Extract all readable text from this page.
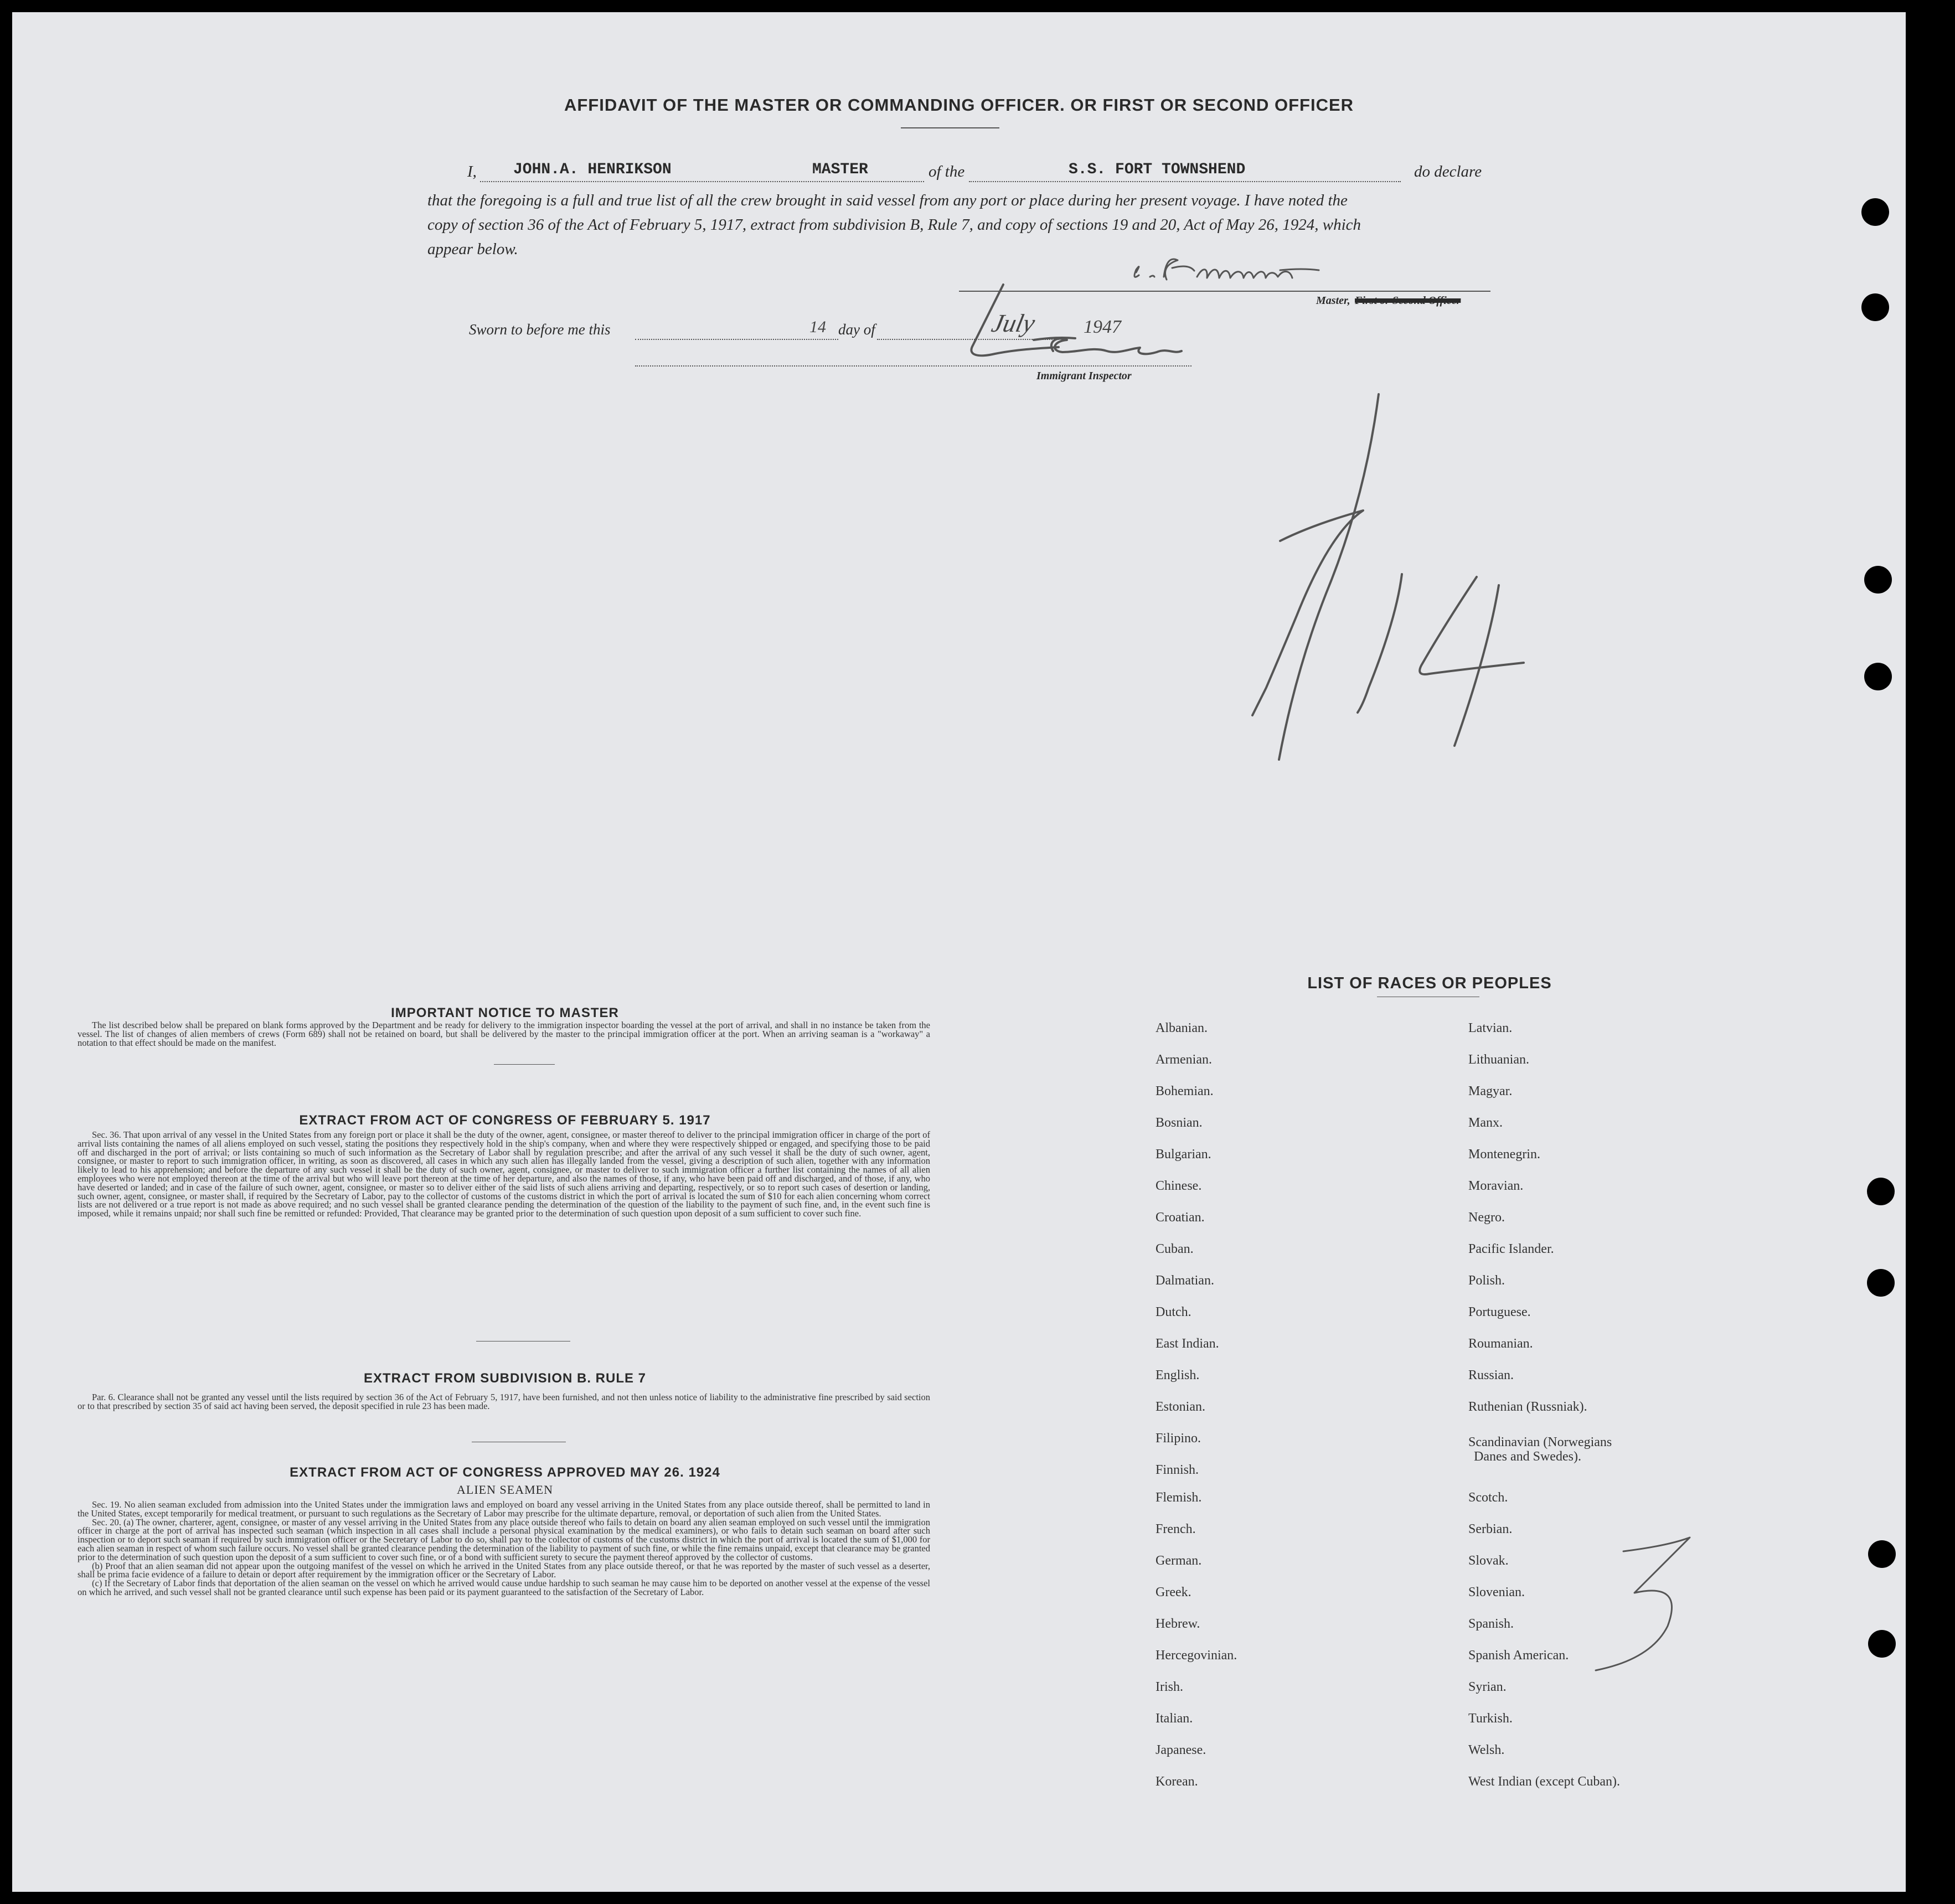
AFFIDAVIT OF THE MASTER OR COMMANDING OFFICER. OR FIRST OR SECOND OFFICER
I, JOHN.A. HENRIKSON	MASTER	of the	S.S. FORT TOWNSHEND	do declare
that the foregoing is a full and true list of all the crew brought in said vessel from any port or place during her present voyage. I have noted the
copy of section 36 of the Act of February 5, 1917, extract from subdivision B, Rule 7, and copy of sections 19 and 20, Act of May 26, 1924, which
appear below.
Master, First or Second Officer
Sworn to before me this	14 day of	July 1947
Immigrant Inspector
IMPORTANT NOTICE TO MASTER

The list described below shall be prepared on blank forms approved by the Department and be ready for delivery to the immigration inspector boarding the vessel at the port of arrival, and shall in no instance be taken from the vessel. The list of changes of alien members of crews (Form 689) shall not be retained on board, but shall be delivered by the master to the principal immigration officer at the port. When an arriving seaman is a "workaway" a notation to that effect should be made on the manifest.

EXTRACT FROM ACT OF CONGRESS OF FEBRUARY 5. 1917

Sec. 36. That upon arrival of any vessel in the United States from any foreign port or place it shall be the duty of the owner, agent, consignee, or master thereof to deliver to the principal immigration officer in charge of the port of arrival lists containing the names of all aliens employed on such vessel, stating the positions they respectively hold in the ship's company, when and where they were respectively shipped or engaged, and specifying those to be paid off and discharged in the port of arrival; or lists containing so much of such information as the Secretary of Labor shall by regulation prescribe; and after the arrival of any such vessel it shall be the duty of such owner, agent, consignee, or master to report to such immigration officer, in writing, as soon as discovered, all cases in which any such alien has illegally landed from the vessel, giving a description of such alien, together with any information likely to lead to his apprehension; and before the departure of any such vessel it shall be the duty of such owner, agent, consignee, or master to deliver to such immigration officer a further list containing the names of all alien employees who were not employed thereon at the time of the arrival but who will leave port thereon at the time of her departure, and also the names of those, if any, who have been paid off and discharged, and of those, if any, who have deserted or landed; and in case of the failure of such owner, agent, consignee, or master so to deliver either of the said lists of such aliens arriving and departing, respectively, or so to report such cases of desertion or landing, such owner, agent, consignee, or master shall, if required by the Secretary of Labor, pay to the collector of customs of the customs district in which the port of arrival is located the sum of $10 for each alien concerning whom correct lists are not delivered or a true report is not made as above required; and no such vessel shall be granted clearance pending the determination of the question of the liability to the payment of such fine, and, in the event such fine is imposed, while it remains unpaid; nor shall such fine be remitted or refunded: Provided, That clearance may be granted prior to the determination of such question upon deposit of a sum sufficient to cover such fine.

EXTRACT FROM SUBDIVISION B. RULE 7

Par. 6. Clearance shall not be granted any vessel until the lists required by section 36 of the Act of February 5, 1917, have been furnished, and not then unless notice of liability to the administrative fine prescribed by said section or to that prescribed by section 35 of said act having been served, the deposit specified in rule 23 has been made.

EXTRACT FROM ACT OF CONGRESS APPROVED MAY 26. 1924
ALIEN SEAMEN

Sec. 19. No alien seaman excluded from admission into the United States under the immigration laws and employed on board any vessel arriving in the United States from any place outside thereof, shall be permitted to land in the United States, except temporarily for medical treatment, or pursuant to such regulations as the Secretary of Labor may prescribe for the ultimate departure, removal, or deportation of such alien from the United States.

Sec. 20. (a) The owner, charterer, agent, consignee, or master of any vessel arriving in the United States from any place outside thereof who fails to detain on board any alien seaman employed on such vessel until the immigration officer in charge at the port of arrival has inspected such seaman (which inspection in all cases shall include a personal physical examination by the medical examiners), or who fails to detain such seaman on board after such inspection or to deport such seaman if required by such immigration officer or the Secretary of Labor to do so, shall pay to the collector of customs of the customs district in which the port of arrival is located the sum of $1,000 for each alien seaman in respect of whom such failure occurs. No vessel shall be granted clearance pending the determination of the liability to payment of such fine, or while the fine remains unpaid, except that clearance may be granted prior to the determination of such question upon the deposit of a sum sufficient to cover such fine, or of a bond with sufficient surety to secure the payment thereof approved by the collector of customs.

(b) Proof that an alien seaman did not appear upon the outgoing manifest of the vessel on which he arrived in the United States from any place outside thereof, or that he was reported by the master of such vessel as a deserter, shall be prima facie evidence of a failure to detain or deport after requirement by the immigration officer or the Secretary of Labor.

(c) If the Secretary of Labor finds that deportation of the alien seaman on the vessel on which he arrived would cause undue hardship to such seaman he may cause him to be deported on another vessel at the expense of the vessel on which he arrived, and such vessel shall not be granted clearance until such expense has been paid or its payment guaranteed to the satisfaction of the Secretary of Labor.

LIST OF RACES OR PEOPLES
Albanian.
Armenian.
Bohemian.
Bosnian.
Bulgarian.
Chinese.
Croatian.
Cuban.
Dalmatian.
Dutch.
East Indian.
English.
Estonian.
Filipino.
Finnish.
Flemish.
French.
German.
Greek.
Hebrew.
Hercegovinian.
Irish.
Italian.
Japanese.
Korean.
Latvian.
Lithuanian.
Magyar.
Manx.
Montenegrin.
Moravian.
Negro.
Pacific Islander.
Polish.
Portuguese.
Roumanian.
Russian.
Ruthenian (Russniak).
Scandinavian (Norwegians
Danes and Swedes).
Scotch.
Serbian.
Slovak.
Slovenian.
Spanish.
Spanish American.
Syrian.
Turkish.
Welsh.
West Indian (except Cuban).
